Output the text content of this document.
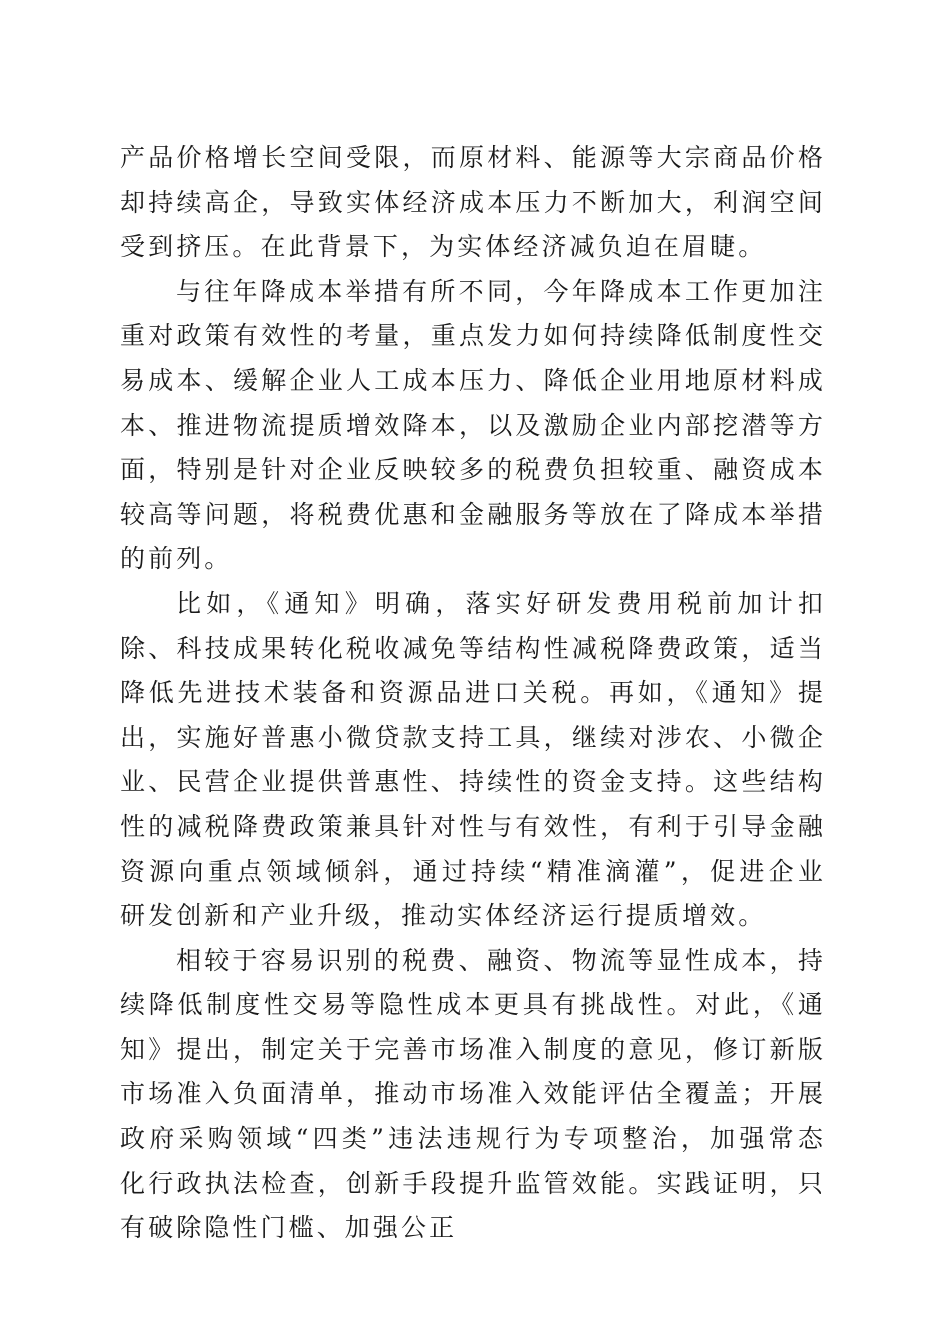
产品价格增长空间受限，而原材料、能源等大宗商品价格却持续高企，导致实体经济成本压力不断加大，利润空间受到挤压。在此背景下，为实体经济减负迫在眉睫。

与往年降成本举措有所不同，今年降成本工作更加注重对政策有效性的考量，重点发力如何持续降低制度性交易成本、缓解企业人工成本压力、降低企业用地原材料成本、推进物流提质增效降本，以及激励企业内部挖潜等方面，特别是针对企业反映较多的税费负担较重、融资成本较高等问题，将税费优惠和金融服务等放在了降成本举措的前列。

比如，《通知》明确，落实好研发费用税前加计扣除、科技成果转化税收减免等结构性减税降费政策，适当降低先进技术装备和资源品进口关税。再如，《通知》提出，实施好普惠小微贷款支持工具，继续对涉农、小微企业、民营企业提供普惠性、持续性的资金支持。这些结构性的减税降费政策兼具针对性与有效性，有利于引导金融资源向重点领域倾斜，通过持续“精准滴灌”，促进企业研发创新和产业升级，推动实体经济运行提质增效。

相较于容易识别的税费、融资、物流等显性成本，持续降低制度性交易等隐性成本更具有挑战性。对此，《通知》提出，制定关于完善市场准入制度的意见，修订新版市场准入负面清单，推动市场准入效能评估全覆盖；开展政府采购领域“四类”违法违规行为专项整治，加强常态化行政执法检查，创新手段提升监管效能。实践证明，只有破除隐性门槛、加强公正
